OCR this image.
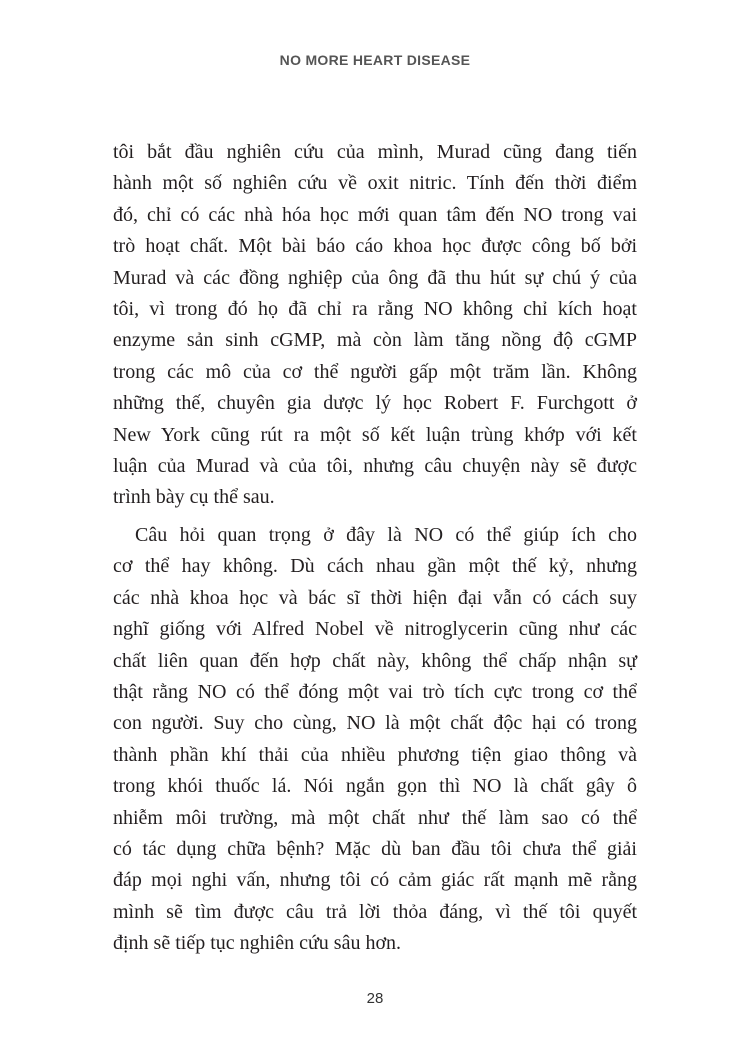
NO MORE HEART DISEASE
tôi bắt đầu nghiên cứu của mình, Murad cũng đang tiến
hành một số nghiên cứu về oxit nitric. Tính đến thời điểm
đó, chỉ có các nhà hóa học mới quan tâm đến NO trong vai
trò hoạt chất. Một bài báo cáo khoa học được công bố bởi
Murad và các đồng nghiệp của ông đã thu hút sự chú ý của
tôi, vì trong đó họ đã chỉ ra rằng NO không chỉ kích hoạt
enzyme sản sinh cGMP, mà còn làm tăng nồng độ cGMP
trong các mô của cơ thể người gấp một trăm lần. Không
những thế, chuyên gia dược lý học Robert F. Furchgott ở
New York cũng rút ra một số kết luận trùng khớp với kết
luận của Murad và của tôi, nhưng câu chuyện này sẽ được
trình bày cụ thể sau.
Câu hỏi quan trọng ở đây là NO có thể giúp ích cho
cơ thể hay không. Dù cách nhau gần một thế kỷ, nhưng
các nhà khoa học và bác sĩ thời hiện đại vẫn có cách suy
nghĩ giống với Alfred Nobel về nitroglycerin cũng như các
chất liên quan đến hợp chất này, không thể chấp nhận sự
thật rằng NO có thể đóng một vai trò tích cực trong cơ thể
con người. Suy cho cùng, NO là một chất độc hại có trong
thành phần khí thải của nhiều phương tiện giao thông và
trong khói thuốc lá. Nói ngắn gọn thì NO là chất gây ô
nhiễm môi trường, mà một chất như thế làm sao có thể
có tác dụng chữa bệnh? Mặc dù ban đầu tôi chưa thể giải
đáp mọi nghi vấn, nhưng tôi có cảm giác rất mạnh mẽ rằng
mình sẽ tìm được câu trả lời thỏa đáng, vì thế tôi quyết
định sẽ tiếp tục nghiên cứu sâu hơn.
28
